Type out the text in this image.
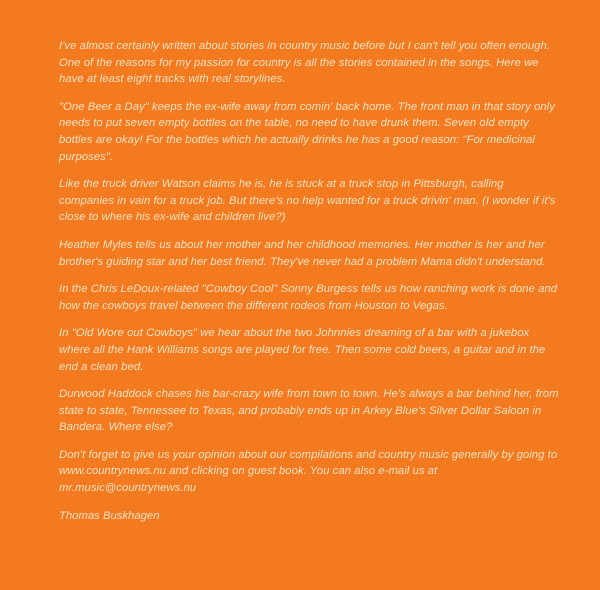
I've almost certainly written about stories in country music before but I can't tell you often enough. One of the reasons for my passion for country is all the stories contained in the songs. Here we have at least eight tracks with real storylines.

"One Beer a Day" keeps the ex-wife away from comin' back home. The front man in that story only needs to put seven empty bottles on the table, no need to have drunk them. Seven old empty bottles are okay! For the bottles which he actually drinks he has a good reason: "For medicinal purposes".

Like the truck driver Watson claims he is, he is stuck at a truck stop in Pittsburgh, calling companies in vain for a truck job. But there's no help wanted for a truck drivin' man. (I wonder if it's close to where his ex-wife and children live?)

Heather Myles tells us about her mother and her childhood memories. Her mother is her and her brother's guiding star and her best friend. They've never had a problem Mama didn't understand.

In the Chris LeDoux-related "Cowboy Cool" Sonny Burgess tells us how ranching work is done and how the cowboys travel between the different rodeos from Houston to Vegas.

In "Old Wore out Cowboys" we hear about the two Johnnies dreaming of a bar with a jukebox where all the Hank Williams songs are played for free. Then some cold beers, a guitar and in the end a clean bed.

Durwood Haddock chases his bar-crazy wife from town to town. He's always a bar behind her, from state to state, Tennessee to Texas, and probably ends up in Arkey Blue's Silver Dollar Saloon in Bandera. Where else?

Don't forget to give us your opinion about our compilations and country music generally by going to www.countrynews.nu and clicking on guest book. You can also e-mail us at mr.music@countrynews.nu

Thomas Buskhagen
